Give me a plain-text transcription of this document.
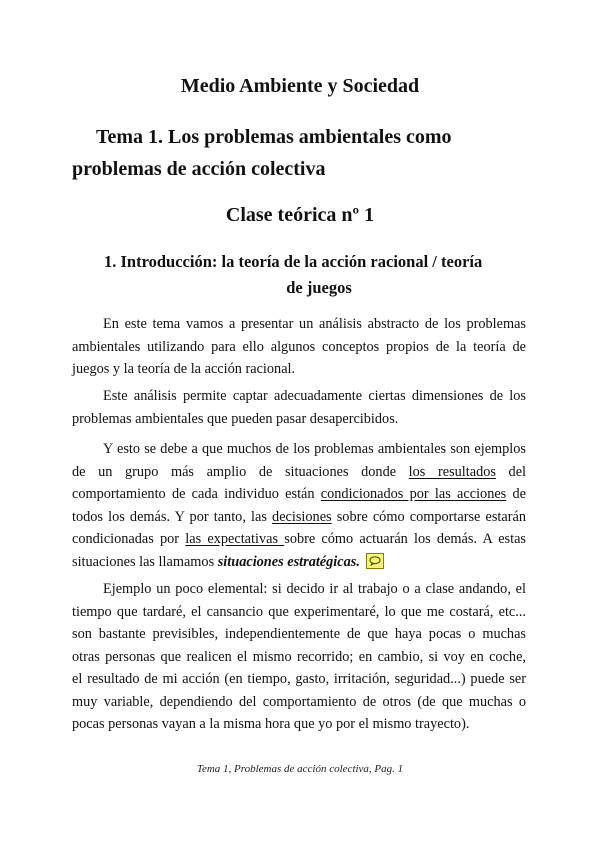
Medio Ambiente y Sociedad
Tema 1. Los problemas ambientales como
problemas de acción colectiva
Clase teórica nº 1
1. Introducción: la teoría de la acción racional / teoría
de juegos
En este tema vamos a presentar un análisis abstracto de los problemas
ambientales utilizando para ello algunos conceptos propios de la teoría de
juegos y la teoría de la acción racional.
Este análisis permite captar adecuadamente ciertas dimensiones de los
problemas ambientales que pueden pasar desapercibidos.
Y esto se debe a que muchos de los problemas ambientales son ejemplos
de un grupo más amplio de situaciones donde los resultados del
comportamiento de cada individuo están condicionados por las acciones de
todos los demás. Y por tanto, las decisiones sobre cómo comportarse estarán
condicionadas por las expectativas sobre cómo actuarán los demás. A estas
situaciones las llamamos situaciones estratégicas.
Ejemplo un poco elemental: si decido ir al trabajo o a clase andando, el
tiempo que tardaré, el cansancio que experimentaré, lo que me costará, etc...
son bastante previsibles, independientemente de que haya pocas o muchas
otras personas que realicen el mismo recorrido; en cambio, si voy en coche,
el resultado de mi acción (en tiempo, gasto, irritación, seguridad...) puede ser
muy variable, dependiendo del comportamiento de otros (de que muchas o
pocas personas vayan a la misma hora que yo por el mismo trayecto).

Tema 1, Problemas de acción colectiva, Pag. 1
